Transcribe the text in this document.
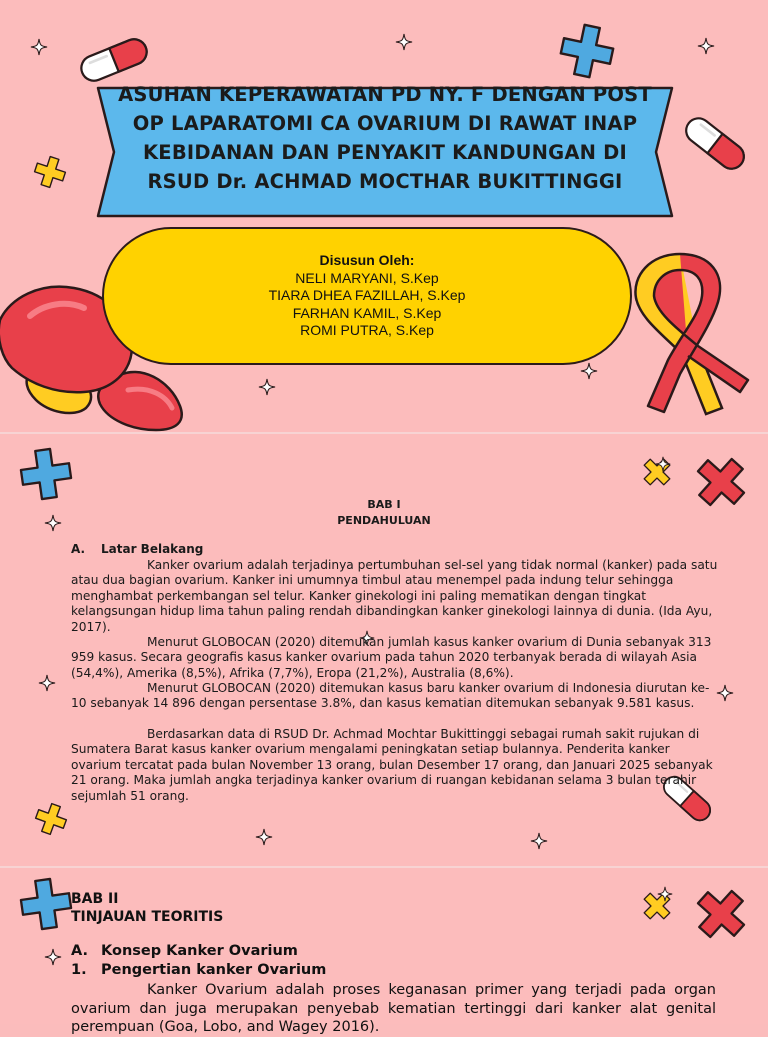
ASUHAN KEPERAWATAN PD NY. F DENGAN POST OP LAPARATOMI CA OVARIUM DI RAWAT INAP KEBIDANAN DAN PENYAKIT KANDUNGAN DI RSUD Dr. ACHMAD MOCTHAR BUKITTINGGI
Disusun Oleh:
NELI MARYANI, S.Kep
TIARA DHEA FAZILLAH, S.Kep
FARHAN KAMIL, S.Kep
ROMI PUTRA, S.Kep
BAB I
PENDAHULUAN
A. Latar Belakang
Kanker ovarium adalah terjadinya pertumbuhan sel-sel yang tidak normal (kanker) pada satu atau dua bagian ovarium. Kanker ini umumnya timbul atau menempel pada indung telur sehingga menghambat perkembangan sel telur. Kanker ginekologi ini paling mematikan dengan tingkat kelangsungan hidup lima tahun paling rendah dibandingkan kanker ginekologi lainnya di dunia. (Ida Ayu, 2017).
Menurut GLOBOCAN (2020) ditemukan jumlah kasus kanker ovarium di Dunia sebanyak 313 959 kasus. Secara geografis kasus kanker ovarium pada tahun 2020 terbanyak berada di wilayah Asia (54,4%), Amerika (8,5%), Afrika (7,7%), Eropa (21,2%), Australia (8,6%).
Menurut GLOBOCAN (2020) ditemukan kasus baru kanker ovarium di Indonesia diurutan ke-10 sebanyak 14 896 dengan persentase 3.8%, dan kasus kematian ditemukan sebanyak 9.581 kasus.
Berdasarkan data di RSUD Dr. Achmad Mochtar Bukittinggi sebagai rumah sakit rujukan di Sumatera Barat kasus kanker ovarium mengalami peningkatan setiap bulannya. Penderita kanker ovarium tercatat pada bulan November 13 orang, bulan Desember 17 orang, dan Januari 2025 sebanyak 21 orang. Maka jumlah angka terjadinya kanker ovarium di ruangan kebidanan selama 3 bulan terahir sejumlah 51 orang.
BAB II
TINJAUAN TEORITIS
A. Konsep Kanker Ovarium
1. Pengertian kanker Ovarium
Kanker Ovarium adalah proses keganasan primer yang terjadi pada organ ovarium dan juga merupakan penyebab kematian tertinggi dari kanker alat genital perempuan (Goa, Lobo, and Wagey 2016).
